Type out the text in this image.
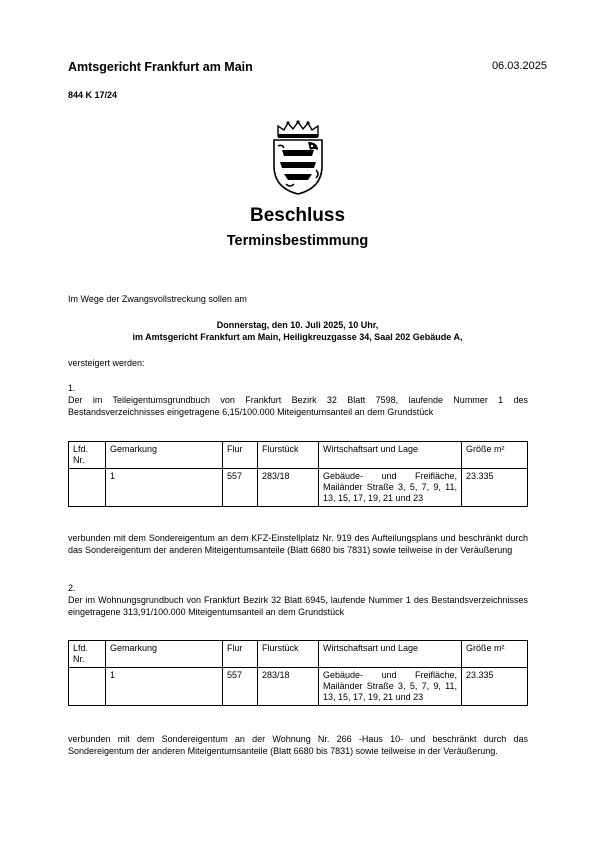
Amtsgericht Frankfurt am Main	06.03.2025
844 K 17/24
Beschluss
Terminsbestimmung
Im Wege der Zwangsvollstreckung sollen am
Donnerstag, den 10. Juli 2025, 10 Uhr,
im Amtsgericht Frankfurt am Main, Heiligkreuzgasse 34, Saal 202 Gebäude A,
versteigert werden:
1.
Der im Teileigentumsgrundbuch von Frankfurt Bezirk 32 Blatt 7598, laufende Nummer 1 des Bestandsverzeichnisses eingetragene 6,15/100.000 Miteigentumsanteil an dem Grundstück
Lfd. Nr.	Gemarkung	Flur	Flurstück	Wirtschaftsart und Lage	Größe m²
	1	557	283/18	Gebäude- und Freifläche, Mailänder Straße 3, 5, 7, 9, 11, 13, 15, 17, 19, 21 und 23	23.335
verbunden mit dem Sondereigentum an dem KFZ-Einstellplatz Nr. 919 des Aufteilungsplans und beschränkt durch das Sondereigentum der anderen Miteigentumsanteile (Blatt 6680 bis 7831) sowie teilweise in der Veräußerung
2.
Der im Wohnungsgrundbuch von Frankfurt Bezirk 32 Blatt 6945, laufende Nummer 1 des Bestandsverzeichnisses eingetragene 313,91/100.000 Miteigentumsanteil an dem Grundstück
Lfd. Nr.	Gemarkung	Flur	Flurstück	Wirtschaftsart und Lage	Größe m²
	1	557	283/18	Gebäude- und Freifläche, Mailänder Straße 3, 5, 7, 9, 11, 13, 15, 17, 19, 21 und 23	23.335
verbunden mit dem Sondereigentum an der Wohnung Nr. 266 -Haus 10- und beschränkt durch das Sondereigentum der anderen Miteigentumsanteile (Blatt 6680 bis 7831) sowie teilweise in der Veräußerung.
